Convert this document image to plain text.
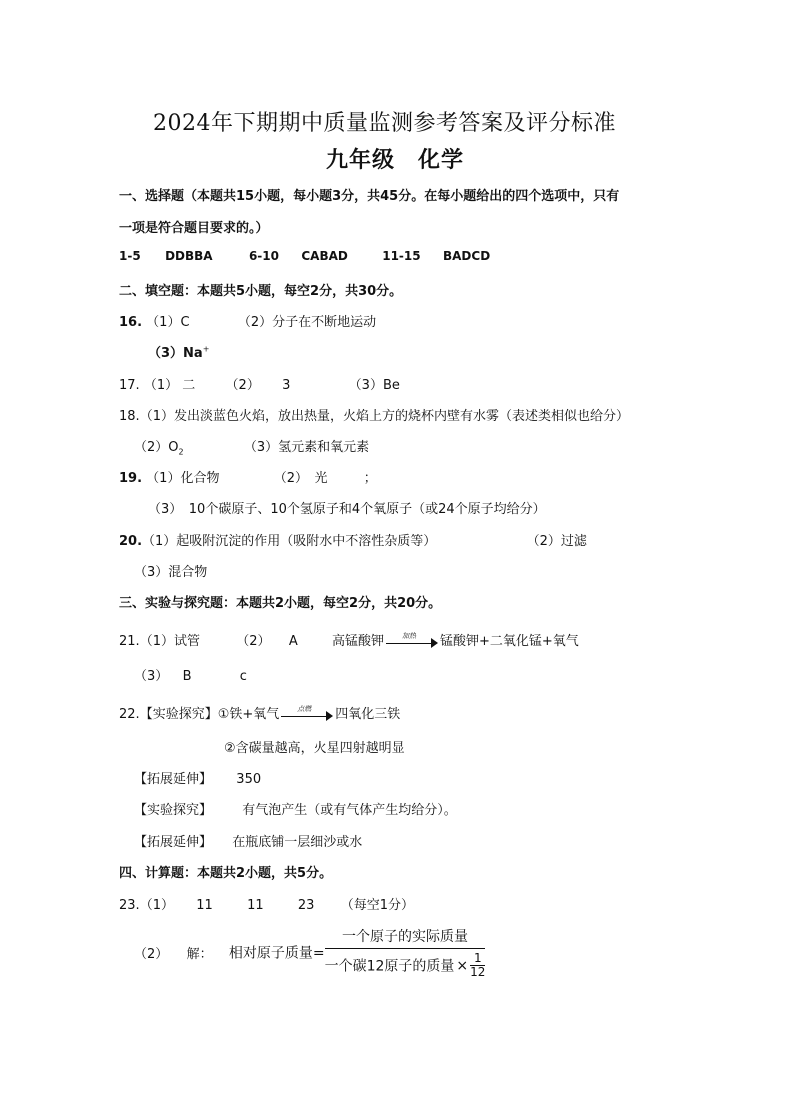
2024年下期期中质量监测参考答案及评分标准
九年级　化学
一、选择题（本题共15小题，每小题3分，共45分。在每小题给出的四个选项中，只有
一项是符合题目要求的。）
1-5 DDBBA	6-10 CABAD	11-15 BADCD
二、填空题：本题共5小题，每空2分，共30分。
16. （1）C	（2）分子在不断地运动
（3）Na+
17. （1） 二 （2） 3	（3）Be
18.（1）发出淡蓝色火焰，放出热量，火焰上方的烧杯内壁有水雾（表述类相似也给分）
$(2)O_2$	（3）氢元素和氧元素
19. （1）化合物	（2）　光	；
（3）　10个碳原子、10个氢原子和4个氧原子（或24个原子均给分）
20.（1）起吸附沉淀的作用（吸附水中不溶性杂质等）	（2）过滤
（3）混合物
三、实验与探究题：本题共2小题，每空2分，共20分。
21.（1）试管	（2） A	高锰酸钾	加热	锰酸钾+二氧化锰+氧气
（3） B	c
22.【实验探究】①铁+氧气	点燃	四氧化三铁
②含碳量越高，火星四射越明显
【拓展延伸】 350
【实验探究】 有气泡产生（或有气体产生均给分）。
【拓展延伸】 在瓶底铺一层细沙或水
四、计算题：本题共2小题，共5分。
23.（1） 11	11	23 （每空1分）
（2） 解： 相对原子质量= $\frac{\text{一个原子的实际质量}}{一个碳12原子的质量 \times \frac{1}{12}}$
